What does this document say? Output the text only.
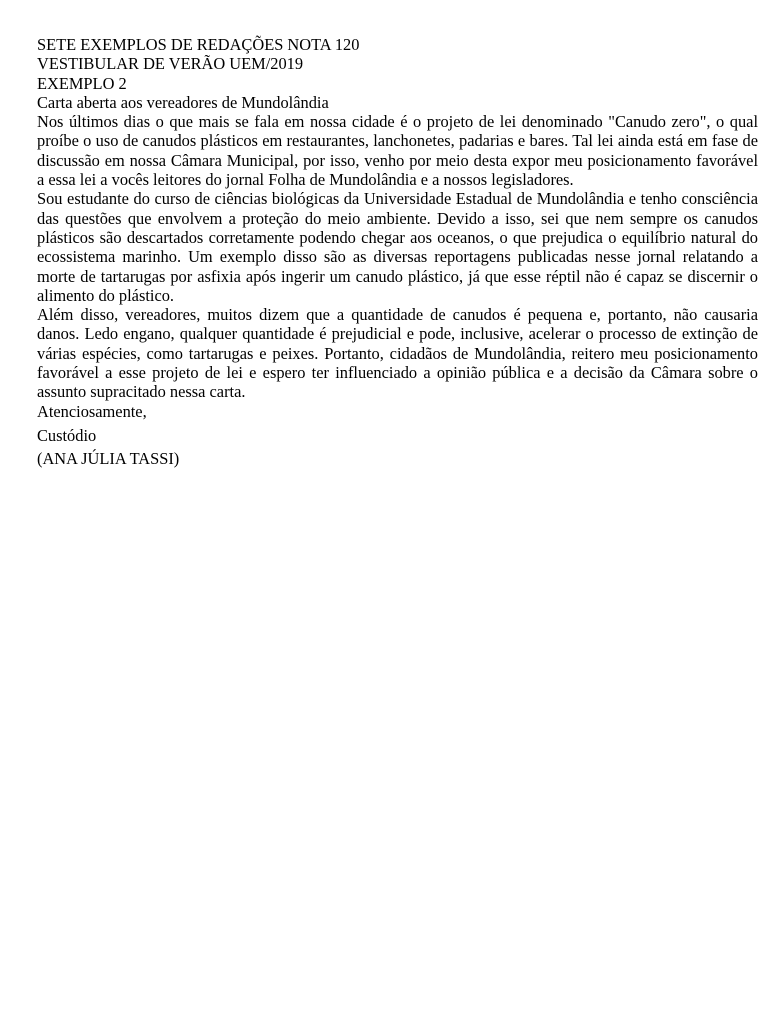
SETE EXEMPLOS DE REDAÇÕES NOTA 120
VESTIBULAR DE VERÃO UEM/2019
EXEMPLO 2
Carta aberta aos vereadores de Mundolândia

Nos últimos dias o que mais se fala em nossa cidade é o projeto de lei denominado "Canudo zero", o qual proíbe o uso de canudos plásticos em restaurantes, lanchonetes, padarias e bares. Tal lei ainda está em fase de discussão em nossa Câmara Municipal, por isso, venho por meio desta expor meu posicionamento favorável a essa lei a vocês leitores do jornal Folha de Mundolândia e a nossos legisladores.

Sou estudante do curso de ciências biológicas da Universidade Estadual de Mundolândia e tenho consciência das questões que envolvem a proteção do meio ambiente. Devido a isso, sei que nem sempre os canudos plásticos são descartados corretamente podendo chegar aos oceanos, o que prejudica o equilíbrio natural do ecossistema marinho. Um exemplo disso são as diversas reportagens publicadas nesse jornal relatando a morte de tartarugas por asfixia após ingerir um canudo plástico, já que esse réptil não é capaz se discernir o alimento do plástico.

Além disso, vereadores, muitos dizem que a quantidade de canudos é pequena e, portanto, não causaria danos. Ledo engano, qualquer quantidade é prejudicial e pode, inclusive, acelerar o processo de extinção de várias espécies, como tartarugas e peixes. Portanto, cidadãos de Mundolândia, reitero meu posicionamento favorável a esse projeto de lei e espero ter influenciado a opinião pública e a decisão da Câmara sobre o assunto supracitado nessa carta.

Atenciosamente,
Custódio
(ANA JÚLIA TASSI)
